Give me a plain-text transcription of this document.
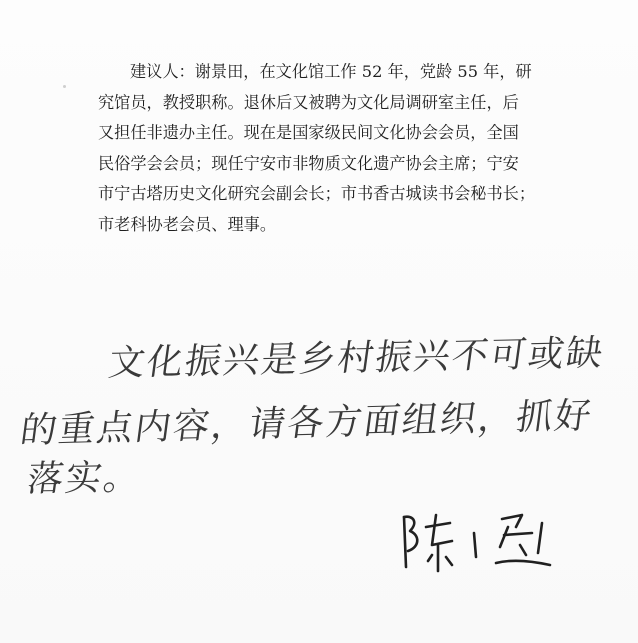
建议人：谢景田，在文化馆工作 52 年，党龄 55 年，研
究馆员，教授职称。退休后又被聘为文化局调研室主任，后
又担任非遗办主任。现在是国家级民间文化协会会员，全国
民俗学会会员；现任宁安市非物质文化遗产协会主席；宁安
市宁古塔历史文化研究会副会长；市书香古城读书会秘书长；
市老科协老会员、理事。
文化振兴是乡村振兴不可或缺
的重点内容，请各方面组织，抓好
落实。
